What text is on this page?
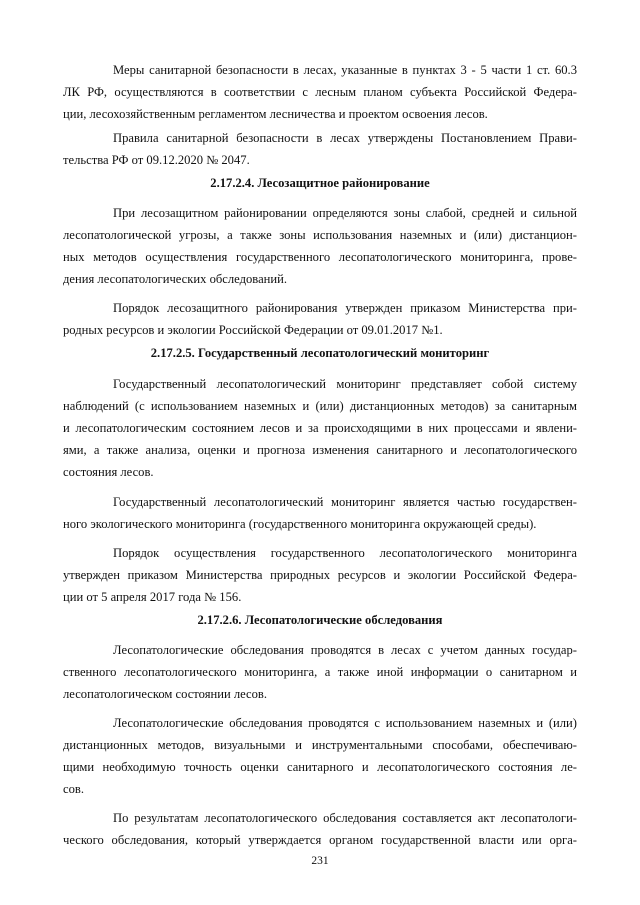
Меры санитарной безопасности в лесах, указанные в пунктах 3 - 5 части 1 ст. 60.3
ЛК РФ, осуществляются в соответствии с лесным планом субъекта Российской Федера-
ции, лесохозяйственным регламентом лесничества и проектом освоения лесов.
Правила санитарной безопасности в лесах утверждены Постановлением Прави-
тельства РФ от 09.12.2020 № 2047.
2.17.2.4. Лесозащитное районирование
При лесозащитном районировании определяются зоны слабой, средней и сильной
лесопатологической угрозы, а также зоны использования наземных и (или) дистанцион-
ных методов осуществления государственного лесопатологического мониторинга, прове-
дения лесопатологических обследований.
Порядок лесозащитного районирования утвержден приказом Министерства при-
родных ресурсов и экологии Российской Федерации от 09.01.2017 №1.
2.17.2.5. Государственный лесопатологический мониторинг
Государственный лесопатологический мониторинг представляет собой систему
наблюдений (с использованием наземных и (или) дистанционных методов) за санитарным
и лесопатологическим состоянием лесов и за происходящими в них процессами и явлени-
ями, а также анализа, оценки и прогноза изменения санитарного и лесопатологического
состояния лесов.
Государственный лесопатологический мониторинг является частью государствен-
ного экологического мониторинга (государственного мониторинга окружающей среды).
Порядок осуществления государственного лесопатологического мониторинга
утвержден приказом Министерства природных ресурсов и экологии Российской Федера-
ции от 5 апреля 2017 года № 156.
2.17.2.6. Лесопатологические обследования
Лесопатологические обследования проводятся в лесах с учетом данных государ-
ственного лесопатологического мониторинга, а также иной информации о санитарном и
лесопатологическом состоянии лесов.
Лесопатологические обследования проводятся с использованием наземных и (или)
дистанционных методов, визуальными и инструментальными способами, обеспечиваю-
щими необходимую точность оценки санитарного и лесопатологического состояния ле-
сов.
По результатам лесопатологического обследования составляется акт лесопатологи-
ческого обследования, который утверждается органом государственной власти или орга-
231
